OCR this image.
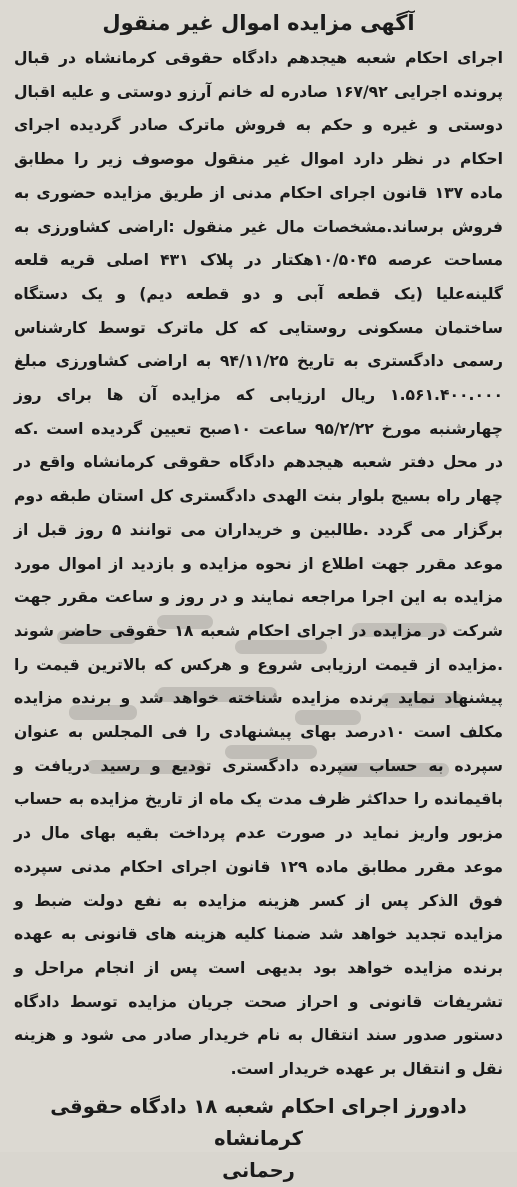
آگهی مزایده اموال غیر منقول

اجرای احکام شعبه هیجدهم دادگاه حقوقی کرمانشاه در قبال پرونده اجرایی ۱۶۷/۹۲ صادره له خانم آرزو دوستی و علیه اقبال دوستی و غیره و حکم به فروش ماترک صادر گردیده اجرای احکام در نظر دارد اموال غیر منقول موصوف زیر را مطابق ماده ۱۳۷ قانون اجرای احکام مدنی از طریق مزایده حضوری به فروش برساند.مشخصات مال غیر منقول :اراضی کشاورزی به مساحت عرصه ۱۰/۵۰۴۵هکتار در پلاک ۴۳۱ اصلی قریه قلعه گلینه‌علیا (یک قطعه آبی و دو قطعه دیم) و یک دستگاه ساختمان مسکونی روستایی که کل ماترک توسط کارشناس رسمی دادگستری به تاریخ ۹۴/۱۱/۲۵ به اراضی کشاورزی مبلغ ۱.۵۶۱.۴۰۰.۰۰۰ ریال ارزیابی که مزایده آن ها برای روز چهارشنبه مورخ ۹۵/۲/۲۲ ساعت ۱۰صبح تعیین گردیده است .که در محل دفتر شعبه هیجدهم دادگاه حقوقی کرمانشاه واقع در چهار راه بسیج بلوار بنت الهدی دادگستری کل استان طبقه دوم برگزار می گردد .طالبین و خریداران می توانند ۵ روز قبل از موعد مقرر جهت اطلاع از نحوه مزایده و بازدید از اموال مورد مزایده به این اجرا مراجعه نمایند و در روز و ساعت مقرر جهت شرکت در مزایده در اجرای احکام شعبه ۱۸ حقوقی حاضر شوند .مزایده از قیمت ارزیابی شروع و هرکس که بالاترین قیمت را پیشنهاد نماید برنده مزایده شناخته خواهد شد و برنده مزایده مکلف است ۱۰درصد بهای پیشنهادی را فی المجلس به عنوان سپرده به حساب سپرده دادگستری تودیع و رسید دریافت و باقیمانده را حداکثر ظرف مدت یک ماه از تاریخ مزایده به حساب مزبور واریز نماید در صورت عدم پرداخت بقیه بهای مال در موعد مقرر مطابق ماده ۱۲۹ قانون اجرای احکام مدنی سپرده فوق الذکر پس از کسر هزینه مزایده به نفع دولت ضبط و مزایده تجدید خواهد شد ضمنا کلیه هزینه های قانونی به عهده برنده مزایده خواهد بود بدیهی است پس از انجام مراحل و تشریفات قانونی و احراز صحت جریان مزایده توسط دادگاه دستور صدور سند انتقال به نام خریدار صادر می شود و هزینه نقل و انتقال بر عهده خریدار است.

دادورز اجرای احکام شعبه ۱۸ دادگاه حقوقی کرمانشاه
رحمانی
